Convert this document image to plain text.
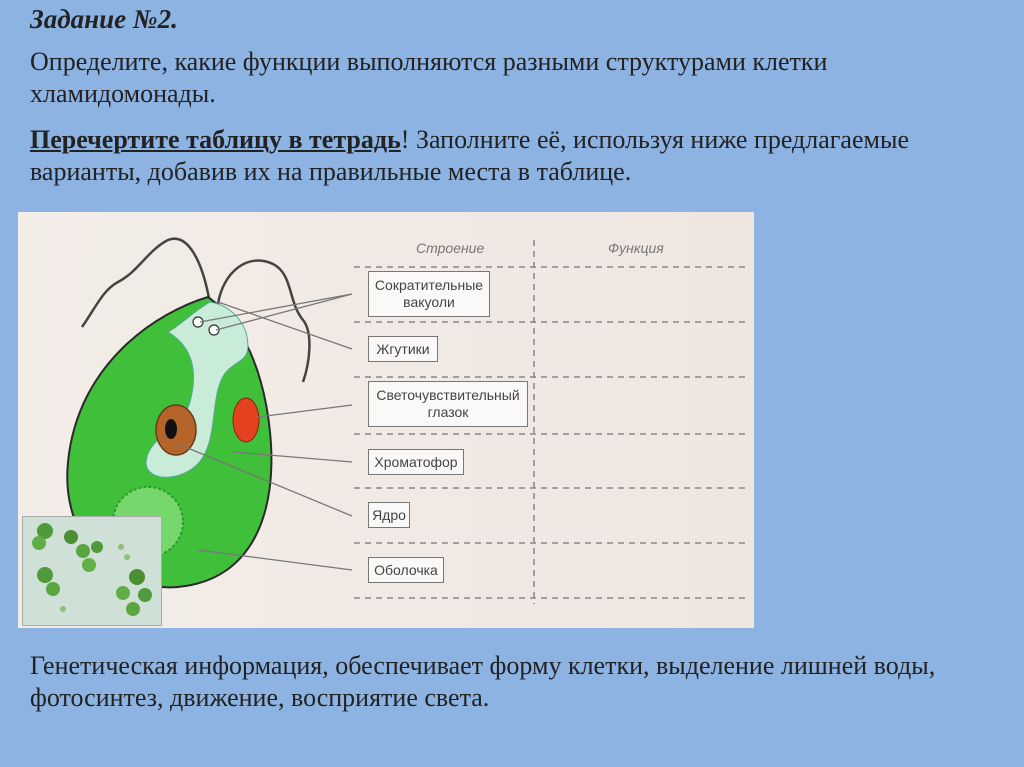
Задание №2.
Определите, какие функции выполняются разными структурами клетки хламидомонады.
Перечертите таблицу в тетрадь! Заполните её, используя ниже предлагаемые варианты, добавив их на правильные места в таблице.
Строение	Функция
Сократительные вакуоли
Жгутики
Светочувствительный глазок
Хроматофор
Ядро
Оболочка
Генетическая информация, обеспечивает форму клетки, выделение лишней воды, фотосинтез, движение, восприятие света.
